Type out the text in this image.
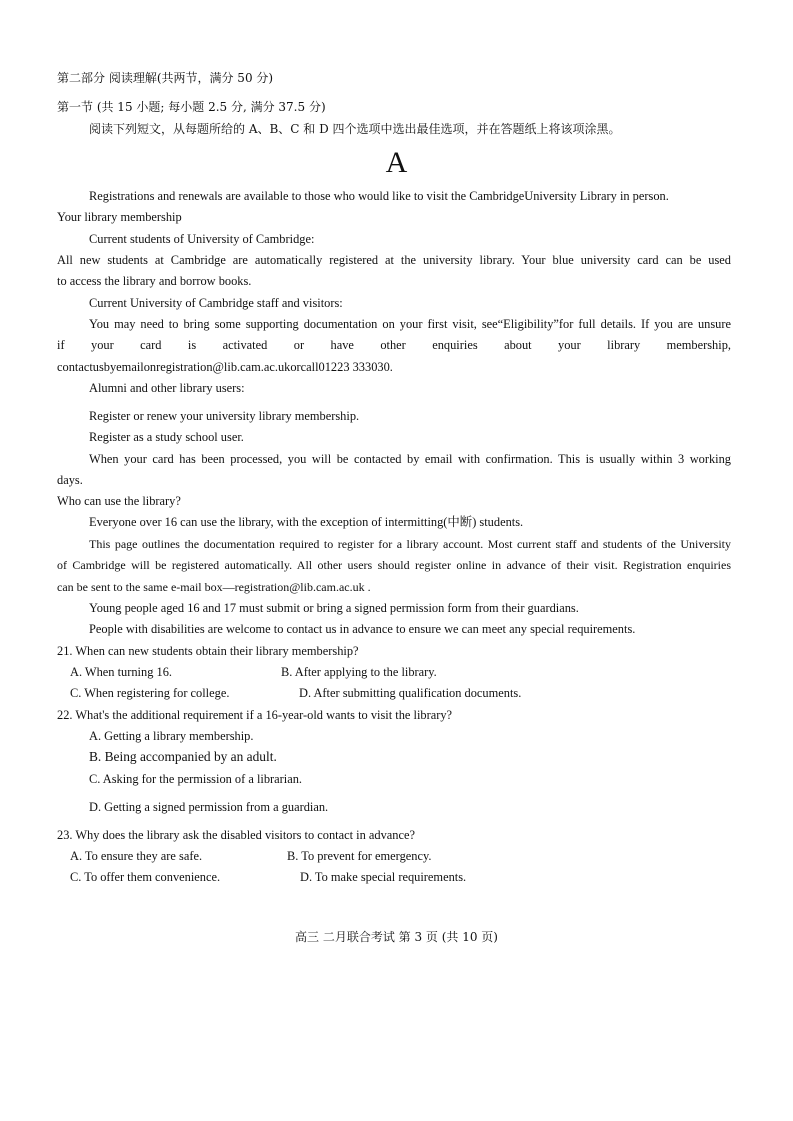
第二部分 阅读理解(共两节，满分 50 分)
第一节 (共 15 小题; 每小题 2.5 分, 满分 37.5 分)
阅读下列短文，从每题所给的 A、B、C 和 D 四个选项中选出最佳选项，并在答题纸上将该项涂黑。
A
Registrations and renewals are available to those who would like to visit the CambridgeUniversity Library in person.
Your library membership
Current students of University of Cambridge:
All new students at Cambridge are automatically registered at the university library. Your blue university card can be used
to access the library and borrow books.
Current University of Cambridge staff and visitors:
You may need to bring some supporting documentation on your first visit, see“Eligibility”for full details. If you are unsure
if your card is activated or have other enquiries about your library membership,
contactusbyemailonregistration@lib.cam.ac.ukorcall01223 333030.
Alumni and other library users:
Register or renew your university library membership.
Register as a study school user.
When your card has been processed, you will be contacted by email with confirmation. This is usually within 3 working
days.
Who can use the library?
Everyone over 16 can use the library, with the exception of intermitting(中断) students.
This page outlines the documentation required to register for a library account. Most current staff and students of the University
of Cambridge will be registered automatically. All other users should register online in advance of their visit. Registration enquiries
can be sent to the same e-mail box—registration@lib.cam.ac.uk .
Young people aged 16 and 17 must submit or bring a signed permission form from their guardians.
People with disabilities are welcome to contact us in advance to ensure we can meet any special requirements.
21. When can new students obtain their library membership?
A. When turning 16.	B. After applying to the library.
C. When registering for college.	D. After submitting qualification documents.
22. What's the additional requirement if a 16-year-old wants to visit the library?
A. Getting a library membership.
B. Being accompanied by an adult.
C. Asking for the permission of a librarian.
D. Getting a signed permission from a guardian.
23. Why does the library ask the disabled visitors to contact in advance?
A. To ensure they are safe.	B. To prevent for emergency.
C. To offer them convenience.	D. To make special requirements.
高三 二月联合考试 第 3 页 (共 10 页)
